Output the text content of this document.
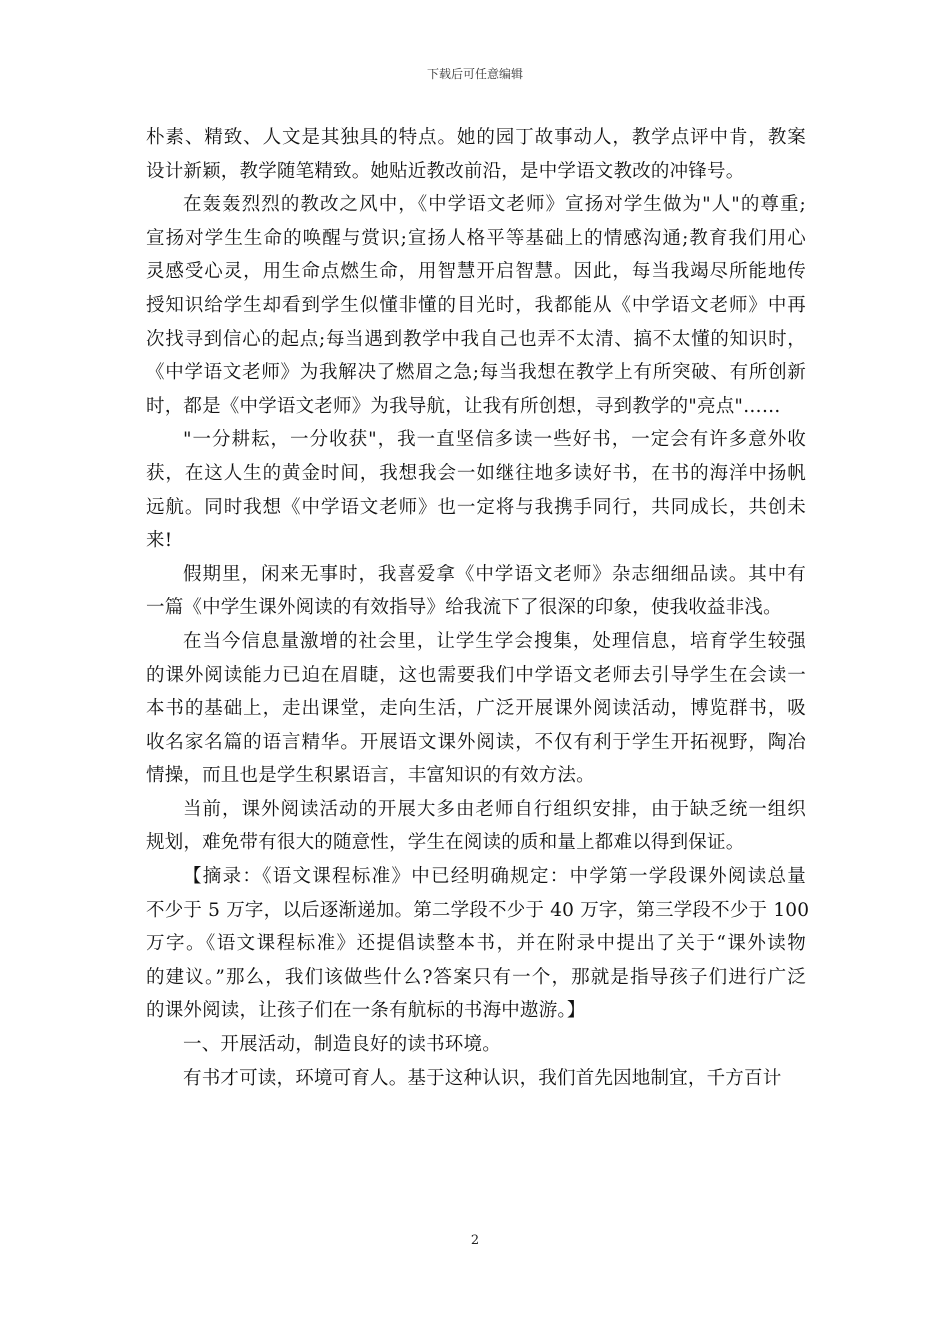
下载后可任意编辑
朴素、精致、人文是其独具的特点。她的园丁故事动人，教学点评中肯，教案
设计新颖，教学随笔精致。她贴近教改前沿，是中学语文教改的冲锋号。
在轰轰烈烈的教改之风中，《中学语文老师》宣扬对学生做为"人"的尊重;
宣扬对学生生命的唤醒与赏识;宣扬人格平等基础上的情感沟通;教育我们用心
灵感受心灵，用生命点燃生命，用智慧开启智慧。因此，每当我竭尽所能地传
授知识给学生却看到学生似懂非懂的目光时，我都能从《中学语文老师》中再
次找寻到信心的起点;每当遇到教学中我自己也弄不太清、搞不太懂的知识时，
《中学语文老师》为我解决了燃眉之急;每当我想在教学上有所突破、有所创新
时，都是《中学语文老师》为我导航，让我有所创想，寻到教学的"亮点"……
"一分耕耘，一分收获"，我一直坚信多读一些好书，一定会有许多意外收
获，在这人生的黄金时间，我想我会一如继往地多读好书，在书的海洋中扬帆
远航。同时我想《中学语文老师》也一定将与我携手同行，共同成长，共创未
来!
假期里，闲来无事时，我喜爱拿《中学语文老师》杂志细细品读。其中有
一篇《中学生课外阅读的有效指导》给我流下了很深的印象，使我收益非浅。
在当今信息量激增的社会里，让学生学会搜集，处理信息，培育学生较强
的课外阅读能力已迫在眉睫，这也需要我们中学语文老师去引导学生在会读一
本书的基础上，走出课堂，走向生活，广泛开展课外阅读活动，博览群书，吸
收名家名篇的语言精华。开展语文课外阅读，不仅有利于学生开拓视野，陶冶
情操，而且也是学生积累语言，丰富知识的有效方法。
当前，课外阅读活动的开展大多由老师自行组织安排，由于缺乏统一组织
规划，难免带有很大的随意性，学生在阅读的质和量上都难以得到保证。
【摘录：《语文课程标准》中已经明确规定：中学第一学段课外阅读总量
不少于 5 万字，以后逐渐递加。第二学段不少于 40 万字，第三学段不少于 100
万字。《语文课程标准》还提倡读整本书，并在附录中提出了关于“课外读物
的建议。”那么，我们该做些什么?答案只有一个，那就是指导孩子们进行广泛
的课外阅读，让孩子们在一条有航标的书海中遨游。】
一、开展活动，制造良好的读书环境。
有书才可读，环境可育人。基于这种认识，我们首先因地制宜，千方百计
2
